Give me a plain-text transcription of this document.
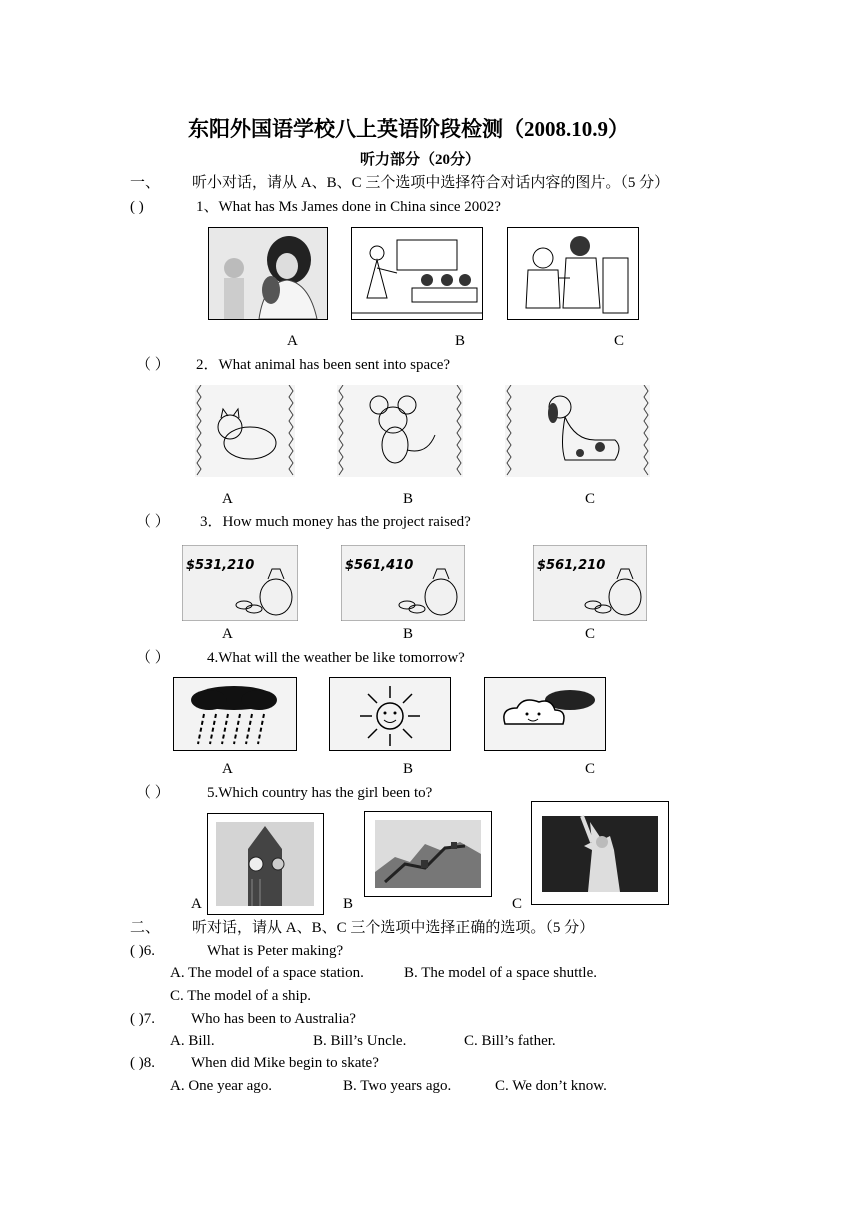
东阳外国语学校八上英语阶段检测（2008.10.9）
听力部分（20分）
一、 听小对话，请从 A、B、C 三个选项中选择符合对话内容的图片。（5 分）
( )	1、What has Ms James done in China since 2002?
A	B	C
（ ） 2．What animal has been sent into space?
A	B	C
（ ） 3．How much money has the project raised?
$531,210	$561,410	$561,210
A	B	C
（ ） 4.What will the weather be like tomorrow?
A	B	C
（ ） 5.Which country has the girl been to?
A	B	C
二、 听对话，请从 A、B、C 三个选项中选择正确的选项。（5 分）
( )6.	What is Peter making?
A. The model of a space station.	B. The model of a space shuttle.
C. The model of a ship.
( )7. Who has been to Australia?
A. Bill.	B. Bill’s Uncle.	C. Bill’s father.
( )8. When did Mike begin to skate?
A. One year ago.	B. Two years ago.	C. We don’t know.
